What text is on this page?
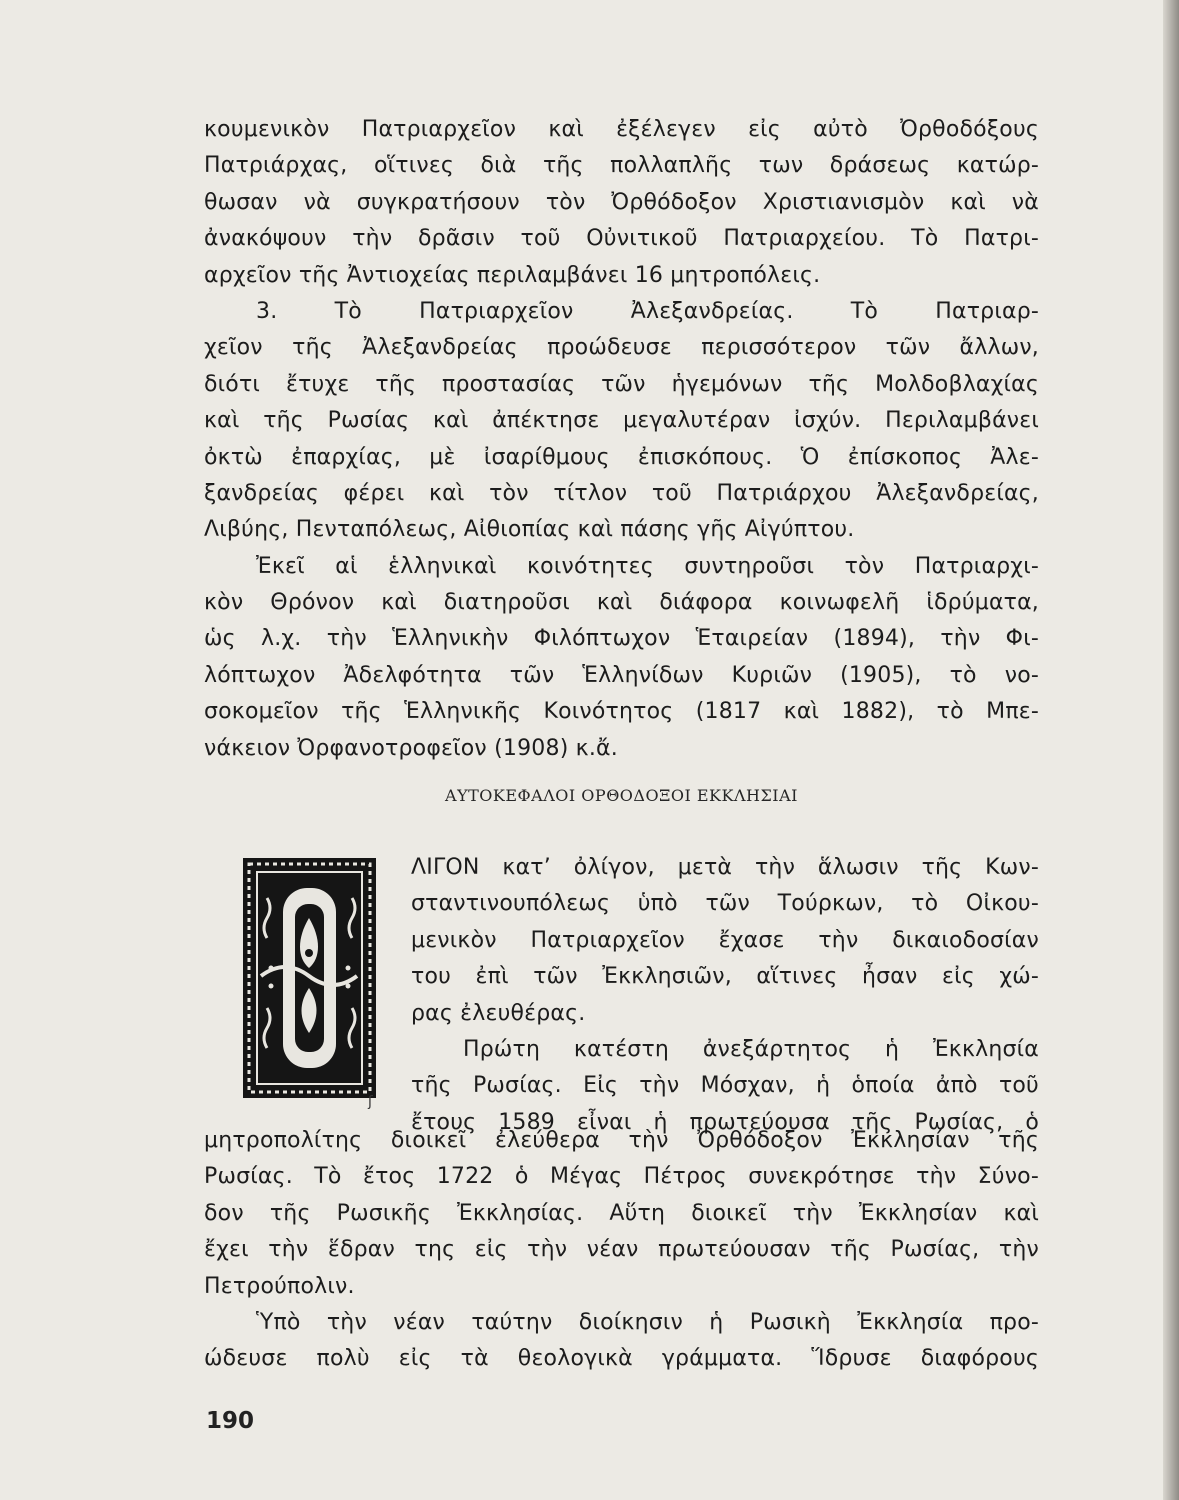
κουμενικὸν Πατριαρχεῖον καὶ ἐξέλεγεν εἰς αὐτὸ Ὀρθοδόξους
Πατριάρχας, οἵτινες διὰ τῆς πολλαπλῆς των δράσεως κατώρ-
θωσαν νὰ συγκρατήσουν τὸν Ὀρθόδοξον Χριστιανισμὸν καὶ νὰ
ἀνακόψουν τὴν δρᾶσιν τοῦ Οὐνιτικοῦ Πατριαρχείου. Τὸ Πατρι-
αρχεῖον τῆς Ἀντιοχείας περιλαμβάνει 16 μητροπόλεις.
3. Τὸ Πατριαρχεῖον Ἀλεξανδρείας. Τὸ Πατριαρ-
χεῖον τῆς Ἀλεξανδρείας προώδευσε περισσότερον τῶν ἄλλων,
διότι ἔτυχε τῆς προστασίας τῶν ἡγεμόνων τῆς Μολδοβλαχίας
καὶ τῆς Ρωσίας καὶ ἀπέκτησε μεγαλυτέραν ἰσχύν. Περιλαμβάνει
ὀκτὼ ἐπαρχίας, μὲ ἰσαρίθμους ἐπισκόπους. Ὁ ἐπίσκοπος Ἀλε-
ξανδρείας φέρει καὶ τὸν τίτλον τοῦ Πατριάρχου Ἀλεξανδρείας,
Λιβύης, Πενταπόλεως, Αἰθιοπίας καὶ πάσης γῆς Αἰγύπτου.
Ἐκεῖ αἱ ἑλληνικαὶ κοινότητες συντηροῦσι τὸν Πατριαρχι-
κὸν Θρόνον καὶ διατηροῦσι καὶ διάφορα κοινωφελῆ ἱδρύματα,
ὡς λ.χ. τὴν Ἑλληνικὴν Φιλόπτωχον Ἑταιρείαν (1894), τὴν Φι-
λόπτωχον Ἀδελφότητα τῶν Ἑλληνίδων Κυριῶν (1905), τὸ νο-
σοκομεῖον τῆς Ἑλληνικῆς Κοινότητος (1817 καὶ 1882), τὸ Μπε-
νάκειον Ὀρφανοτροφεῖον (1908) κ.ἄ.
ΑΥΤΟΚΕΦΑΛΟΙ ΟΡΘΟΔΟΞΟΙ ΕΚΚΛΗΣΙΑΙ
ʃ
ΛΙΓΟΝ κατ’ ὀλίγον, μετὰ τὴν ἅλωσιν τῆς Κων-
σταντινουπόλεως ὑπὸ τῶν Τούρκων, τὸ Οἰκου-
μενικὸν Πατριαρχεῖον ἔχασε τὴν δικαιοδοσίαν
του ἐπὶ τῶν Ἐκκλησιῶν, αἵτινες ἦσαν εἰς χώ-
ρας ἐλευθέρας.
Πρώτη κατέστη ἀνεξάρτητος ἡ Ἐκκλησία
τῆς Ρωσίας. Εἰς τὴν Μόσχαν, ἡ ὁποία ἀπὸ τοῦ
ἔτους 1589 εἶναι ἡ πρωτεύουσα τῆς Ρωσίας, ὁ
μητροπολίτης διοικεῖ ἐλεύθερα τὴν Ὀρθόδοξον Ἐκκλησίαν τῆς
Ρωσίας. Τὸ ἔτος 1722 ὁ Μέγας Πέτρος συνεκρότησε τὴν Σύνο-
δον τῆς Ρωσικῆς Ἐκκλησίας. Αὕτη διοικεῖ τὴν Ἐκκλησίαν καὶ
ἔχει τὴν ἕδραν της εἰς τὴν νέαν πρωτεύουσαν τῆς Ρωσίας, τὴν
Πετρούπολιν.
Ὑπὸ τὴν νέαν ταύτην διοίκησιν ἡ Ρωσικὴ Ἐκκλησία προ-
ώδευσε πολὺ εἰς τὰ θεολογικὰ γράμματα. Ἵδρυσε διαφόρους
190
